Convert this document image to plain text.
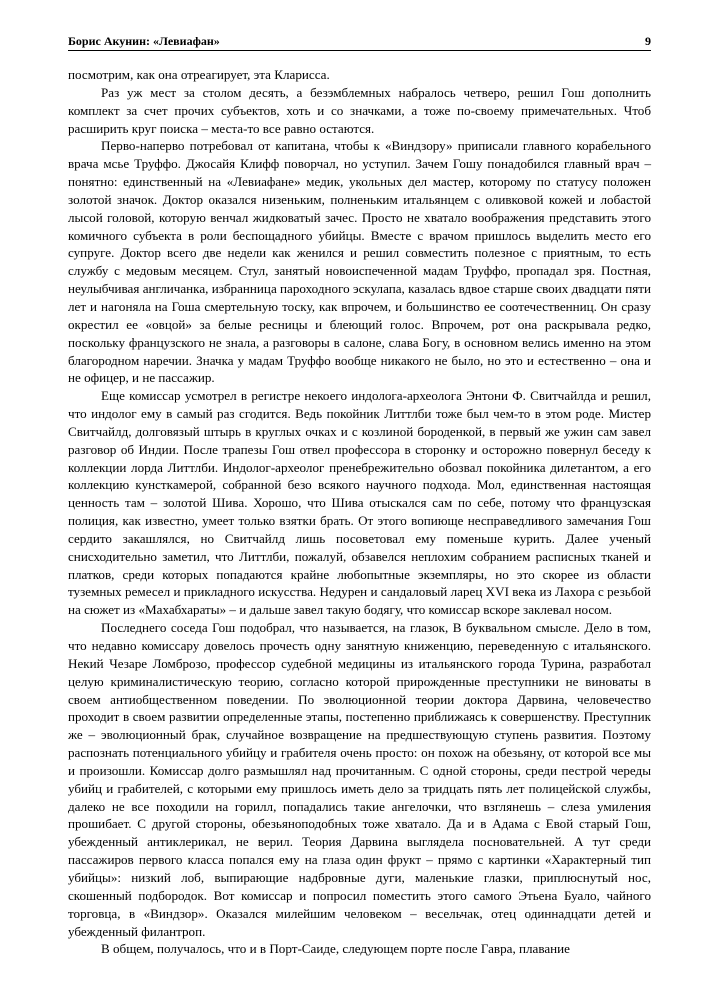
Борис Акунин: «Левиафан»	9

посмотрим, как она отреагирует, эта Кларисса.

Раз уж мест за столом десять, а безэмблемных набралось четверо, решил Гош дополнить комплект за счет прочих субъектов, хоть и со значками, а тоже по-своему примечательных. Чтоб расширить круг поиска – места-то все равно остаются.

Перво-наперво потребовал от капитана, чтобы к «Виндзору» приписали главного корабельного врача мсье Труффо. Джосайя Клифф поворчал, но уступил. Зачем Гошу понадобился главный врач – понятно: единственный на «Левиафане» медик, укольных дел мастер, которому по статусу положен золотой значок. Доктор оказался низеньким, полненьким итальянцем с оливковой кожей и лобастой лысой головой, которую венчал жидковатый зачес. Просто не хватало воображения представить этого комичного субъекта в роли беспощадного убийцы. Вместе с врачом пришлось выделить место его супруге. Доктор всего две недели как женился и решил совместить полезное с приятным, то есть службу с медовым месяцем. Стул, занятый новоиспеченной мадам Труффо, пропадал зря. Постная, неулыбчивая англичанка, избранница пароходного эскулапа, казалась вдвое старше своих двадцати пяти лет и нагоняла на Гоша смертельную тоску, как впрочем, и большинство ее соотечественниц. Он сразу окрестил ее «овцой» за белые ресницы и блеющий голос. Впрочем, рот она раскрывала редко, поскольку французского не знала, а разговоры в салоне, слава Богу, в основном велись именно на этом благородном наречии. Значка у мадам Труффо вообще никакого не было, но это и естественно – она и не офицер, и не пассажир.

Еще комиссар усмотрел в регистре некоего индолога-археолога Энтони Ф. Свитчайлда и решил, что индолог ему в самый раз сгодится. Ведь покойник Литтлби тоже был чем-то в этом роде. Мистер Свитчайлд, долговязый штырь в круглых очках и с козлиной бороденкой, в первый же ужин сам завел разговор об Индии. После трапезы Гош отвел профессора в сторонку и осторожно повернул беседу к коллекции лорда Литтлби. Индолог-археолог пренебрежительно обозвал покойника дилетантом, а его коллекцию кунсткамерой, собранной безо всякого научного подхода. Мол, единственная настоящая ценность там – золотой Шива. Хорошо, что Шива отыскался сам по себе, потому что французская полиция, как известно, умеет только взятки брать. От этого вопиюще несправедливого замечания Гош сердито закашлялся, но Свитчайлд лишь посоветовал ему поменьше курить. Далее ученый снисходительно заметил, что Литтлби, пожалуй, обзавелся неплохим собранием расписных тканей и платков, среди которых попадаются крайне любопытные экземпляры, но это скорее из области туземных ремесел и прикладного искусства. Недурен и сандаловый ларец XVI века из Лахора с резьбой на сюжет из «Махабхараты» – и дальше завел такую бодягу, что комиссар вскоре заклевал носом.

Последнего соседа Гош подобрал, что называется, на глазок, В буквальном смысле. Дело в том, что недавно комиссару довелось прочесть одну занятную книженцию, переведенную с итальянского. Некий Чезаре Ломброзо, профессор судебной медицины из итальянского города Турина, разработал целую криминалистическую теорию, согласно которой прирожденные преступники не виноваты в своем антиобщественном поведении. По эволюционной теории доктора Дарвина, человечество проходит в своем развитии определенные этапы, постепенно приближаясь к совершенству. Преступник же – эволюционный брак, случайное возвращение на предшествующую ступень развития. Поэтому распознать потенциального убийцу и грабителя очень просто: он похож на обезьяну, от которой все мы и произошли. Комиссар долго размышлял над прочитанным. С одной стороны, среди пестрой череды убийц и грабителей, с которыми ему пришлось иметь дело за тридцать пять лет полицейской службы, далеко не все походили на горилл, попадались такие ангелочки, что взглянешь – слеза умиления прошибает. С другой стороны, обезьяноподобных тоже хватало. Да и в Адама с Евой старый Гош, убежденный антиклерикал, не верил. Теория Дарвина выглядела посновательней. А тут среди пассажиров первого класса попался ему на глаза один фрукт – прямо с картинки «Характерный тип убийцы»: низкий лоб, выпирающие надбровные дуги, маленькие глазки, приплюснутый нос, скошенный подбородок. Вот комиссар и попросил поместить этого самого Этьена Буало, чайного торговца, в «Виндзор». Оказался милейшим человеком – весельчак, отец одиннадцати детей и убежденный филантроп.

В общем, получалось, что и в Порт-Саиде, следующем порте после Гавра, плавание
